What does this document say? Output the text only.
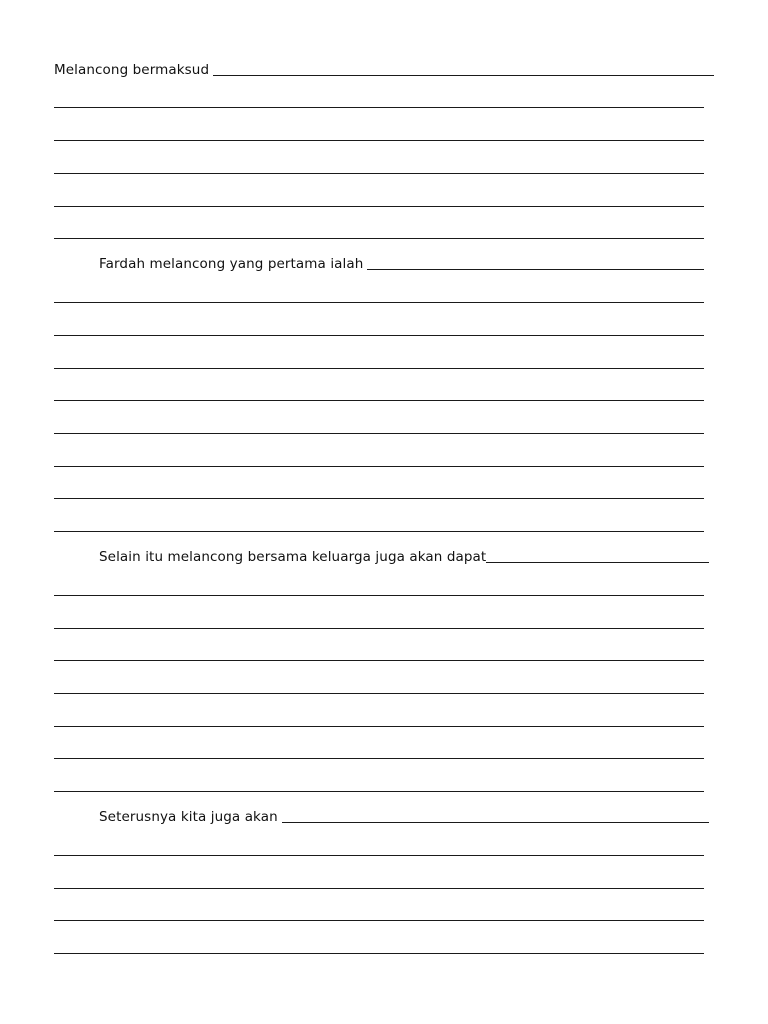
Melancong bermaksud
Fardah melancong yang pertama ialah
Selain itu melancong bersama keluarga juga akan dapat
Seterusnya kita juga akan
